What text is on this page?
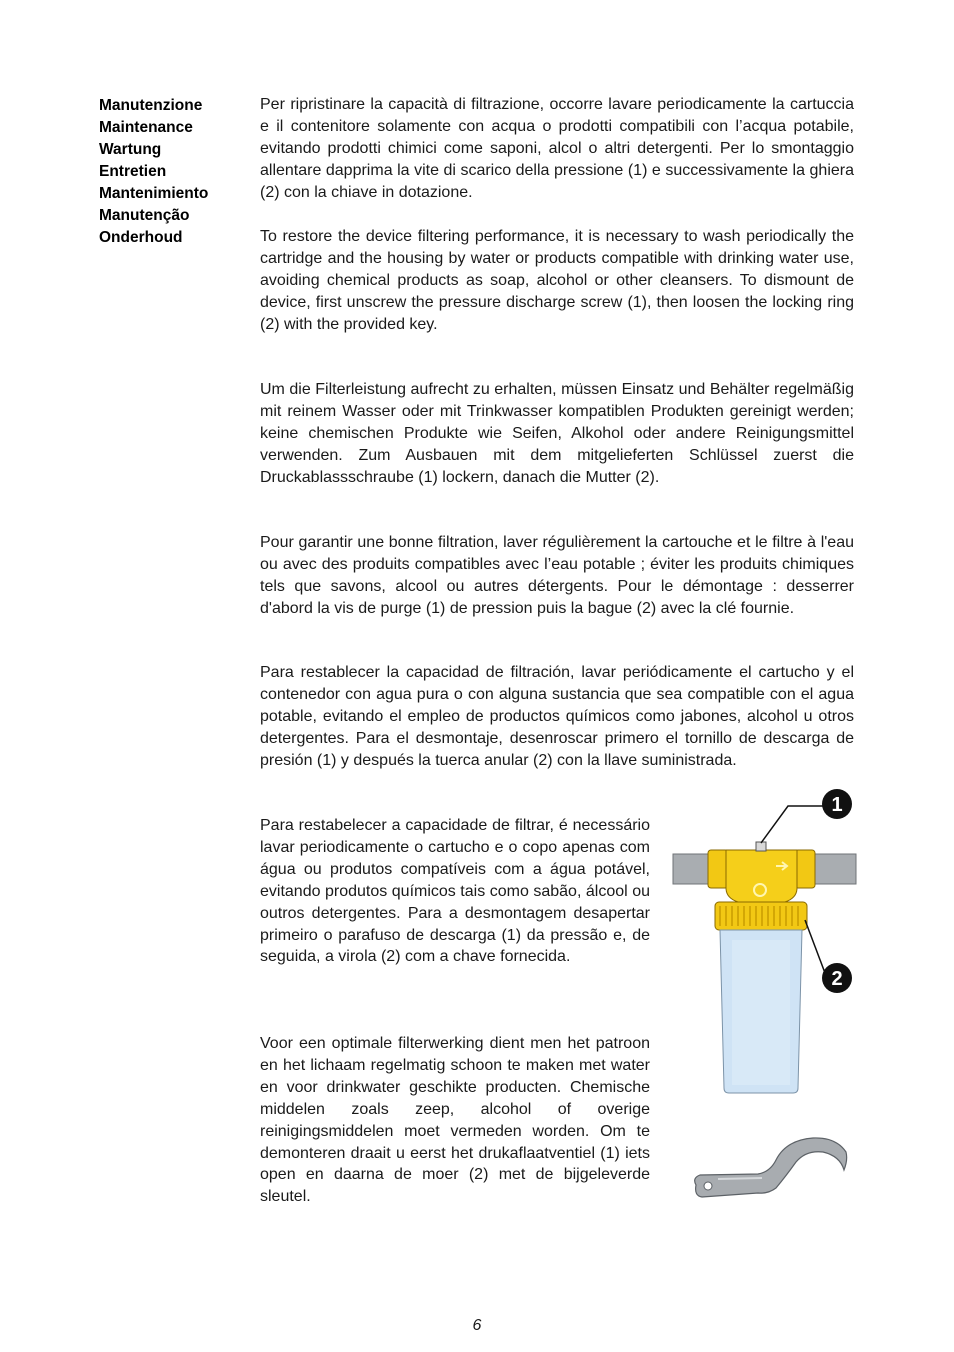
Manutenzione
Maintenance
Wartung
Entretien
Mantenimiento
Manutenção
Onderhoud

Per ripristinare la capacità di filtrazione, occorre lavare periodicamente la cartuccia e il contenitore solamente con acqua o prodotti compatibili con l’acqua potabile, evitando prodotti chimici come saponi, alcol o altri detergenti. Per lo smontaggio allentare dapprima la vite di scarico della pressione (1) e successivamente la ghiera (2) con la chiave in dotazione.

To restore the device filtering performance, it is necessary to wash periodically the cartridge and the housing by water or products compatible with drinking water use, avoiding chemical products as soap, alcohol or other cleansers. To dismount de device, first unscrew the pressure discharge screw (1), then loosen the locking ring (2) with the provided key.

Um die Filterleistung aufrecht zu erhalten, müssen Einsatz und Behälter regelmäßig mit reinem Wasser oder mit Trinkwasser kompatiblen Produkten gereinigt werden; keine chemischen Produkte wie Seifen, Alkohol oder andere Reinigungsmittel verwenden. Zum Ausbauen mit dem mitgelieferten Schlüssel zuerst die Druckablassschraube (1) lockern, danach die Mutter (2).

Pour garantir une bonne filtration, laver régulièrement la cartouche et le filtre à l'eau ou avec des produits compatibles avec l’eau potable ; éviter les produits chimiques tels que savons, alcool ou autres détergents. Pour le démontage : desserrer d'abord la vis de purge (1) de pression puis la bague (2) avec la clé fournie.

Para restablecer la capacidad de filtración, lavar periódicamente el cartucho y el contenedor con agua pura o con alguna sustancia que sea compatible con el agua potable, evitando el empleo de productos químicos como jabones, alcohol u otros detergentes. Para el desmontaje, desenroscar primero el tornillo de descarga de presión (1) y después la tuerca anular (2) con la llave suministrada.

Para restabelecer a capacidade de filtrar, é necessário lavar periodicamente o cartucho e o copo apenas com água ou produtos compatíveis com a água potável, evitando produtos químicos tais como sabão, álcool ou outros detergentes. Para a desmontagem desapertar primeiro o parafuso de descarga (1) da pressão e, de seguida, a virola (2) com a chave fornecida.

Voor een optimale filterwerking dient men het patroon en het lichaam regelmatig schoon te maken met water en voor drinkwater geschikte producten. Chemische middelen zoals zeep, alcohol of overige reinigingsmiddelen moet vermeden worden. Om te demonteren draait u eerst het drukaflaatventiel (1) iets open en daarna de moer (2) met de bijgeleverde sleutel.

1
2
6
